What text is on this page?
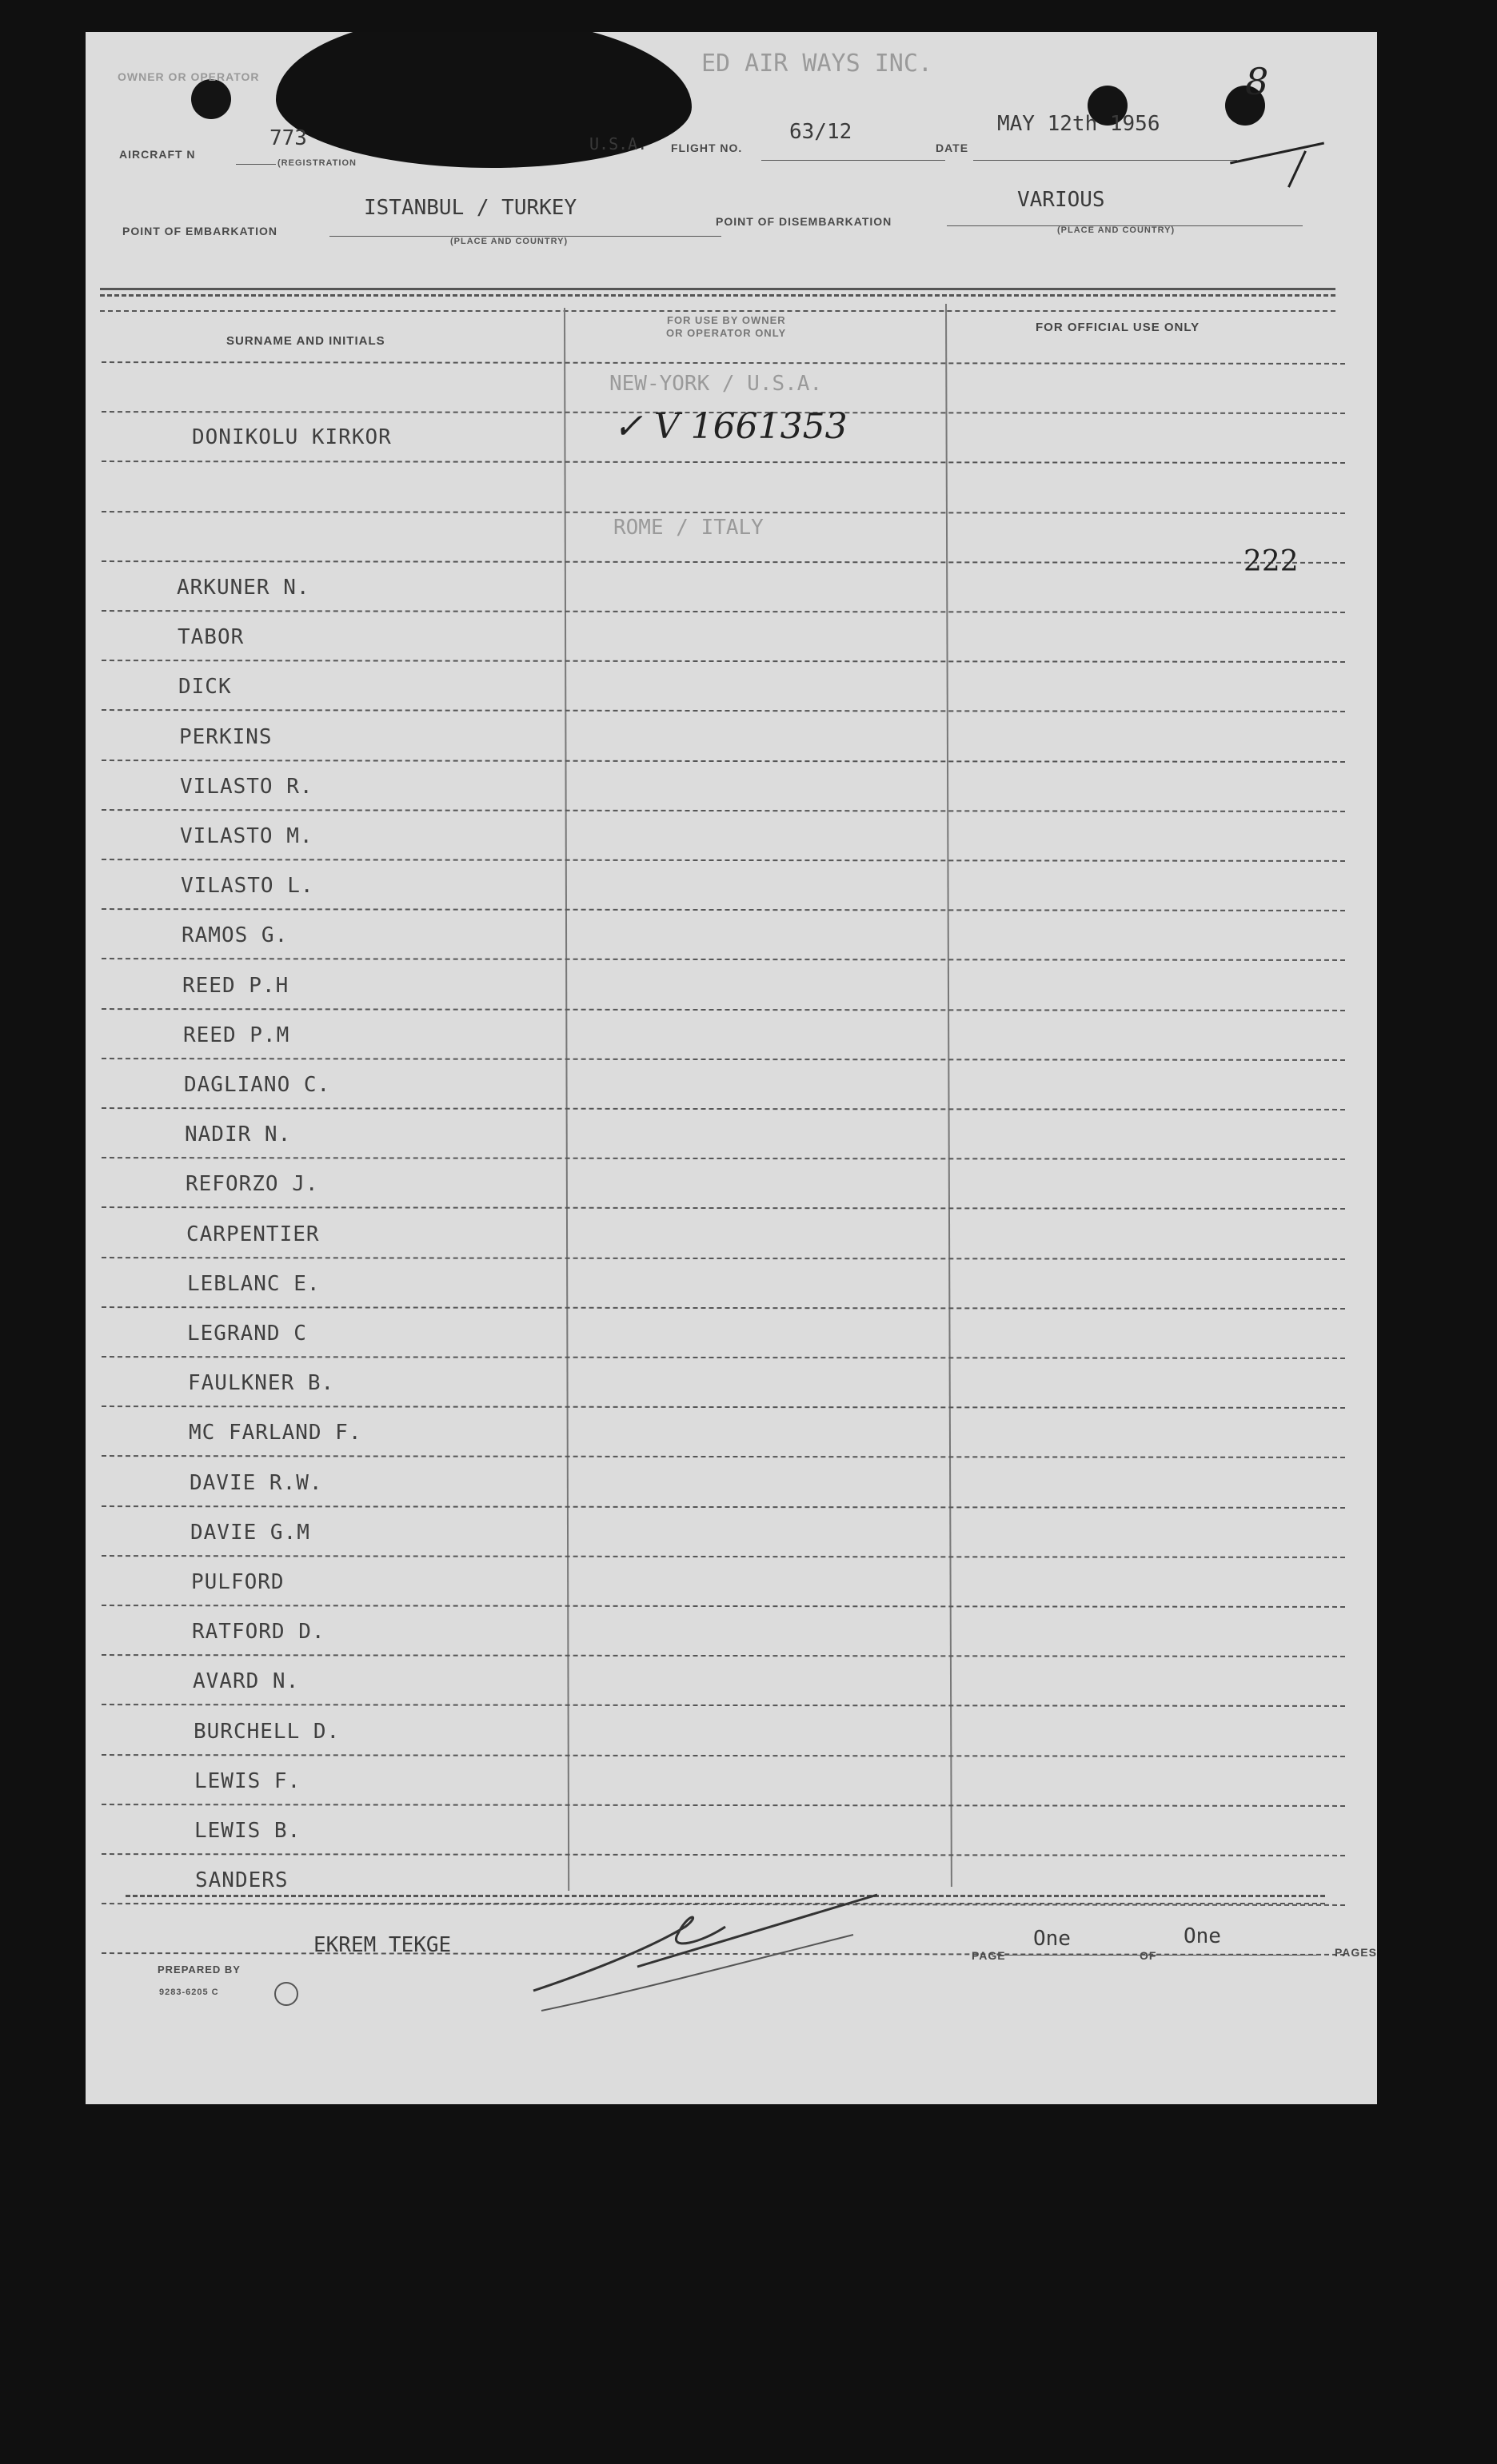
OWNER OR OPERATOR	ED AIR WAYS INC.
AIRCRAFT N
773
(REGISTRATION
U.S.A. FLIGHT NO.
63/12
DATE
MAY 12th 1956
8
POINT OF EMBARKATION
ISTANBUL / TURKEY
(PLACE AND COUNTRY)
POINT OF DISEMBARKATION
VARIOUS
(PLACE AND COUNTRY)
SURNAME AND INITIALS
FOR USE BY OWNER
OR OPERATOR ONLY	FOR OFFICIAL USE ONLY
NEW-YORK / U.S.A.
✓ V 1661353
ROME / ITALY
222
DONIKOLU KIRKOR
ARKUNER N.
TABOR
DICK
PERKINS
VILASTO R.
VILASTO M.
VILASTO L.
RAMOS G.
REED P.H
REED P.M
DAGLIANO C.
NADIR N.
REFORZO J.
CARPENTIER
LEBLANC E.
LEGRAND C
FAULKNER B.
MC FARLAND F.
DAVIE R.W.
DAVIE G.M
PULFORD
RATFORD D.
AVARD N.
BURCHELL D.
LEWIS F.
LEWIS B.
SANDERS
PREPARED BY
EKREM TEKGE
9283-6205 C
PAGE
One
OF
One
PAGES
